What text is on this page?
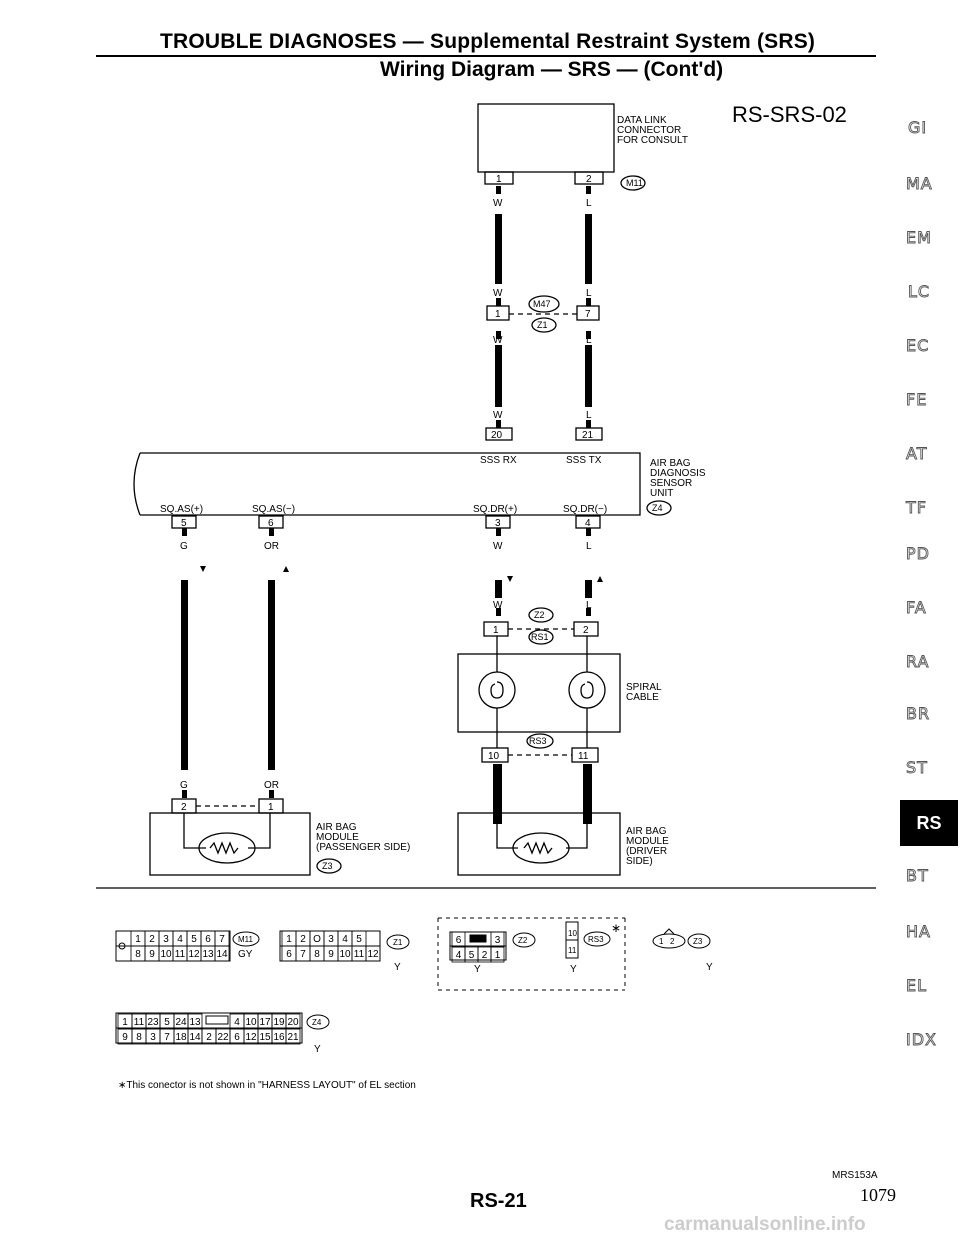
TROUBLE DIAGNOSES — Supplemental Restraint System (SRS)
Wiring Diagram — SRS — (Cont'd)
1 2 3 4 5 6 7
8 9 10 11 12 13 14
1 2 O 3 4 5
6 7 8 9 10 11 12
6	3
4 5 2 1
1 11 23 5 24 13	4 10 17 19 20
9 8 3 7 18 14 2 22 6 12 15 16 21
DATA LINK
CONNECTOR
FOR CONSULT
M11
1	2
W	L
W	L
1	7
M47
Z1
W	L
W	L
20	21
SSS RX	SSS TX	AIR BAG
DIAGNOSIS
SENSOR
UNIT
Z4
SQ.AS(+)	SQ.AS(−)	SQ.DR(+)	SQ.DR(−)
5	6	3	4
G	OR	W	L
W	L
1	2
Z2
RS1
SPIRAL
CABLE
RS3
10	11
G	OR
2	1
AIR BAG
MODULE
(PASSENGER SIDE)
Z3
AIR BAG
MODULE
(DRIVER
SIDE)
M11
GY
Z1
Y
Z2
Y
RS3
10
11
Y
∗
1 2 Z3
Y
Z4
Y
RS-SRS-02
GI
MA
EM
LC
EC
FE
AT
TF
PD
FA
RA
BR
ST
RS
BT
HA
EL
IDX
∗This conector is not shown in "HARNESS LAYOUT" of EL section
MRS153A
RS-21	1079
carmanualsonline.info
